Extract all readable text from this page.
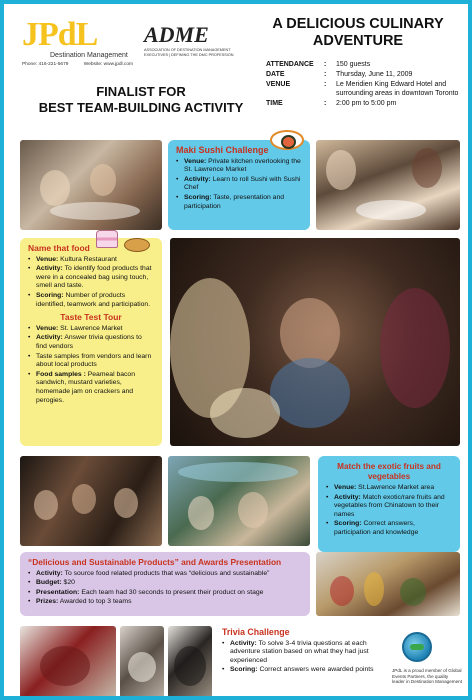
JPdL
Destination Management
Phone: 416-221-5679	Website: www.jpdl.com
ADME
ASSOCIATION OF DESTINATION MANAGEMENT EXECUTIVES | DEFINING THE DMC PROFESSION
FINALIST FOR
BEST TEAM-BUILDING ACTIVITY
A DELICIOUS CULINARY
ADVENTURE
ATTENDANCE	:	150 guests
DATE	:	Thursday, June 11, 2009
VENUE	:	Le Meridien King Edward Hotel and surrounding areas in downtown Toronto
TIME	:	2:00 pm to 5:00 pm
Maki Sushi Challenge
• Venue: Private kitchen overlooking the St. Lawrence Market
• Activity: Learn to roll Sushi with Sushi Chef
• Scoring: Taste, presentation and participation
Name that food
• Venue: Kultura Restaurant
• Activity: To identify food products that were in a concealed bag using touch, smell and taste.
• Scoring: Number of products identified, teamwork and participation.
Taste Test Tour
• Venue: St. Lawrence Market
• Activity: Answer trivia questions to find vendors
• Taste samples from vendors and learn about local products
• Food samples : Peameal bacon sandwich, mustard varieties, homemade jam on crackers and perogies.
Match the exotic fruits and vegetables
• Venue: St.Lawrence Market area
• Activity: Match exotic/rare fruits and vegetables from Chinatown to their names
• Scoring: Correct answers, participation and knowledge
“Delicious and Sustainable Products” and Awards Presentation
• Activity: To source food related products that was “delicious and sustainable”
• Budget: $20
• Presentation: Each team had 30 seconds to present their product on stage
• Prizes: Awarded to top 3 teams
Trivia Challenge
• Activity: To solve 3-4 trivia questions at each adventure station based on what they had just experienced
• Scoring: Correct answers were awarded points	JPdL is a proud member of Global Events Partners, the quality leader in Destination Management
